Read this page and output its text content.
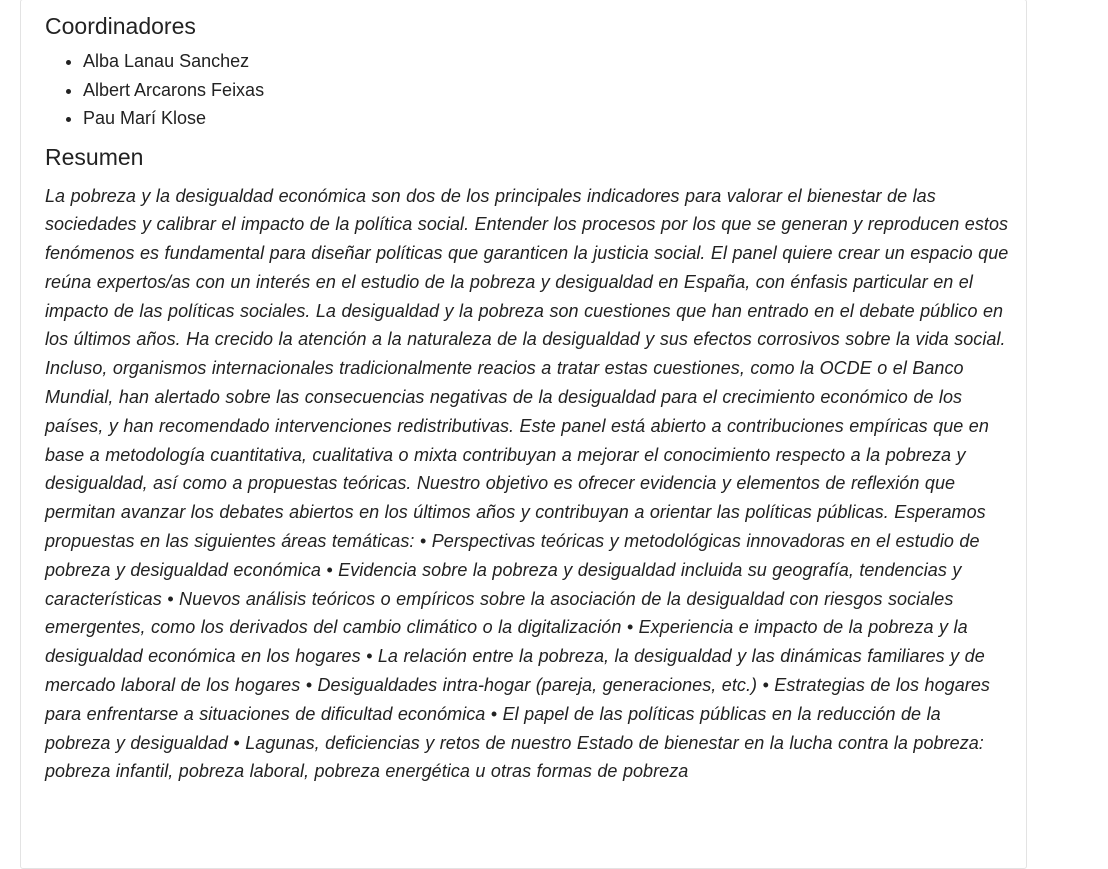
Coordinadores
• Alba Lanau Sanchez
• Albert Arcarons Feixas
• Pau Marí Klose
Resumen
La pobreza y la desigualdad económica son dos de los principales indicadores para valorar el bienestar de las sociedades y calibrar el impacto de la política social. Entender los procesos por los que se generan y reproducen estos fenómenos es fundamental para diseñar políticas que garanticen la justicia social. El panel quiere crear un espacio que reúna expertos/as con un interés en el estudio de la pobreza y desigualdad en España, con énfasis particular en el impacto de las políticas sociales. La desigualdad y la pobreza son cuestiones que han entrado en el debate público en los últimos años. Ha crecido la atención a la naturaleza de la desigualdad y sus efectos corrosivos sobre la vida social. Incluso, organismos internacionales tradicionalmente reacios a tratar estas cuestiones, como la OCDE o el Banco Mundial, han alertado sobre las consecuencias negativas de la desigualdad para el crecimiento económico de los países, y han recomendado intervenciones redistributivas. Este panel está abierto a contribuciones empíricas que en base a metodología cuantitativa, cualitativa o mixta contribuyan a mejorar el conocimiento respecto a la pobreza y desigualdad, así como a propuestas teóricas. Nuestro objetivo es ofrecer evidencia y elementos de reflexión que permitan avanzar los debates abiertos en los últimos años y contribuyan a orientar las políticas públicas. Esperamos propuestas en las siguientes áreas temáticas: • Perspectivas teóricas y metodológicas innovadoras en el estudio de pobreza y desigualdad económica • Evidencia sobre la pobreza y desigualdad incluida su geografía, tendencias y características • Nuevos análisis teóricos o empíricos sobre la asociación de la desigualdad con riesgos sociales emergentes, como los derivados del cambio climático o la digitalización • Experiencia e impacto de la pobreza y la desigualdad económica en los hogares • La relación entre la pobreza, la desigualdad y las dinámicas familiares y de mercado laboral de los hogares • Desigualdades intra-hogar (pareja, generaciones, etc.) • Estrategias de los hogares para enfrentarse a situaciones de dificultad económica • El papel de las políticas públicas en la reducción de la pobreza y desigualdad • Lagunas, deficiencias y retos de nuestro Estado de bienestar en la lucha contra la pobreza: pobreza infantil, pobreza laboral, pobreza energética u otras formas de pobreza
